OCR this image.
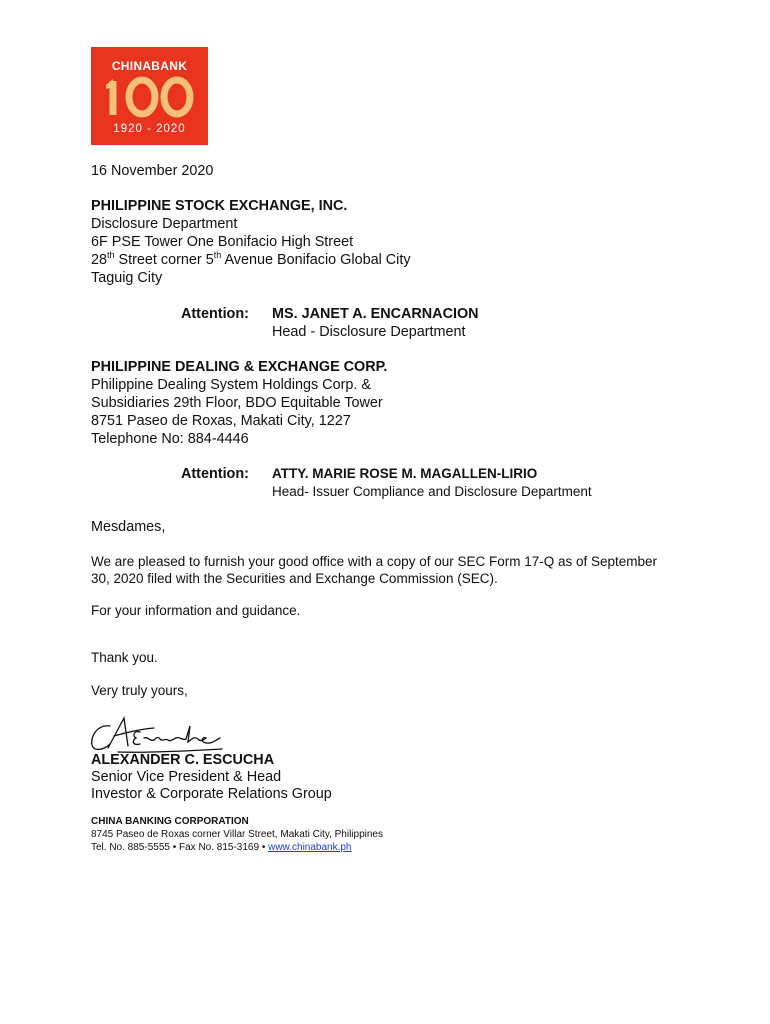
CHINABANK
1920 - 2020
16 November 2020
PHILIPPINE STOCK EXCHANGE, INC.
Disclosure Department
6F PSE Tower One Bonifacio High Street
28th Street corner 5th Avenue Bonifacio Global City
Taguig City
Attention: MS. JANET A. ENCARNACION
Head - Disclosure Department
PHILIPPINE DEALING & EXCHANGE CORP.
Philippine Dealing System Holdings Corp. &
Subsidiaries 29th Floor, BDO Equitable Tower
8751 Paseo de Roxas, Makati City, 1227
Telephone No: 884-4446
Attention: ATTY. MARIE ROSE M. MAGALLEN-LIRIO
Head- Issuer Compliance and Disclosure Department
Mesdames,
We are pleased to furnish your good office with a copy of our SEC Form 17-Q as of September
30, 2020 filed with the Securities and Exchange Commission (SEC).
For your information and guidance.
Thank you.
Very truly yours,
ALEXANDER C. ESCUCHA
Senior Vice President & Head
Investor & Corporate Relations Group
CHINA BANKING CORPORATION
8745 Paseo de Roxas corner Villar Street, Makati City, Philippines
Tel. No. 885-5555 • Fax No. 815-3169 • www.chinabank.ph
